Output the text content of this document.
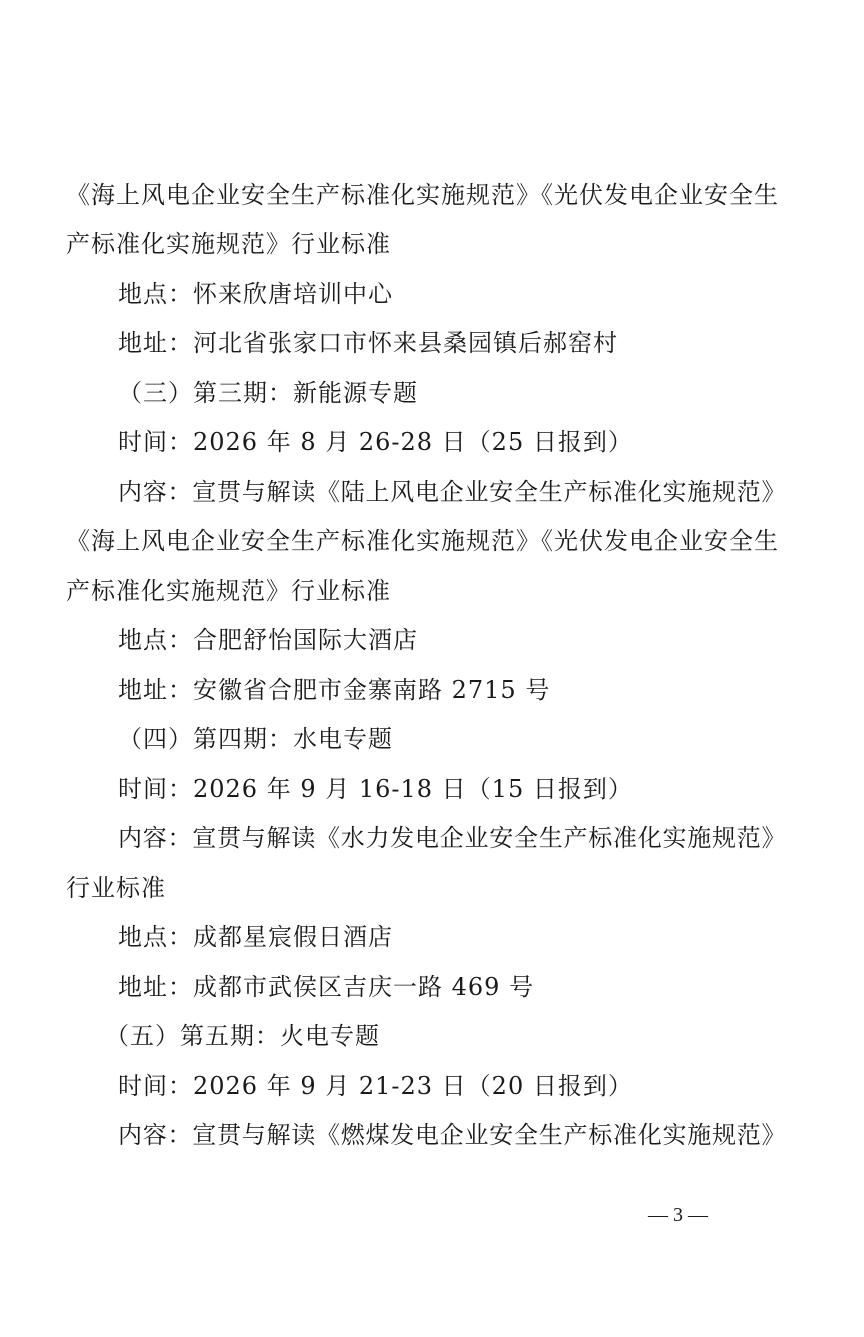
《海上风电企业安全生产标准化实施规范》《光伏发电企业安全生
产标准化实施规范》行业标准
地点：怀来欣唐培训中心
地址：河北省张家口市怀来县桑园镇后郝窑村
（三）第三期：新能源专题
时间：2026 年 8 月 26-28 日（25 日报到）
内容：宣贯与解读《陆上风电企业安全生产标准化实施规范》
《海上风电企业安全生产标准化实施规范》《光伏发电企业安全生
产标准化实施规范》行业标准
地点：合肥舒怡国际大酒店
地址：安徽省合肥市金寨南路 2715 号
（四）第四期：水电专题
时间：2026 年 9 月 16-18 日（15 日报到）
内容：宣贯与解读《水力发电企业安全生产标准化实施规范》
行业标准
地点：成都星宸假日酒店
地址：成都市武侯区吉庆一路 469 号
（五）第五期：火电专题
时间：2026 年 9 月 21-23 日（20 日报到）
内容：宣贯与解读《燃煤发电企业安全生产标准化实施规范》
— 3 —
